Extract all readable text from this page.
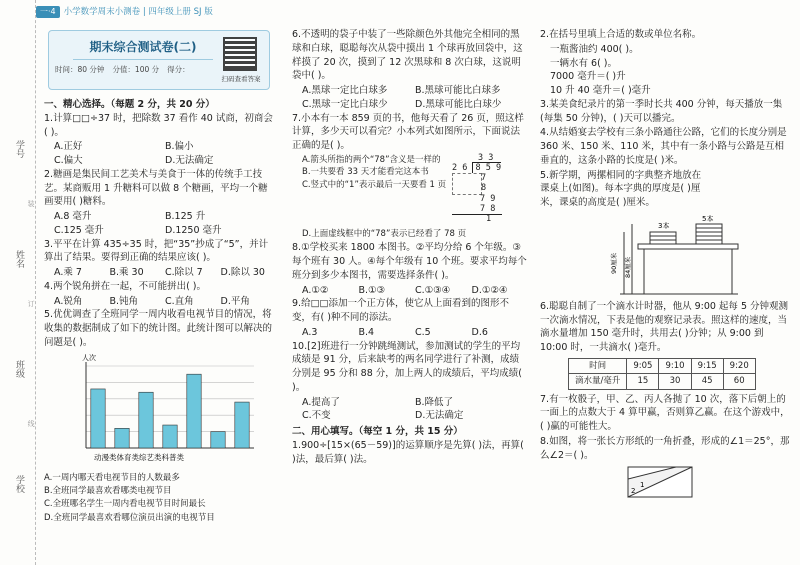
学号
姓名
班级
学校
装
订
线
一·4 小学数学周末小测卷 | 四年级上册 SJ 版
期末综合测试卷(二)
时间：80 分钟 分值：100 分 得分：
扫码查看答案
一、精心选择。（每题 2 分，共 20 分）
1.计算□□÷37 时，把除数 37 看作 40 试商，初商会( )。
A.正好	B.偏小
C.偏大	D.无法确定
2.糖画是集民间工艺美术与美食于一体的传统手工技艺。某商贩用 1 升糖料可以做 8 个糖画，平均一个糖画要用( )糖料。
A.8 毫升	B.125 升
C.125 毫升	D.1250 毫升
3.平平在计算 435÷35 时，把“35”抄成了“5”，并计算出了结果。要得到正确的结果应该( )。
A.乘 7	B.乘 30	C.除以 7	D.除以 30
4.两个锐角拼在一起，不可能拼出( )。
A.锐角	B.钝角	C.直角	D.平角
5.优优调查了全班同学一周内收看电视节目的情况，将收集的数据制成了如下的统计图。此统计图可以解决的问题是( )。
人次
动漫类体育类综艺类科普类
A.一周内哪天看电视节目的人数最多
B.全班同学最喜欢看哪类电视节目
C.全班哪名学生一周内看电视节目时间最长
D.全班同学最喜欢看哪位演员出演的电视节目
6.不透明的袋子中装了一些除颜色外其他完全相同的黑球和白球，聪聪每次从袋中摸出 1 个球再放回袋中，这样摸了 20 次，摸到了 12 次黑球和 8 次白球，这说明袋中( )。
A.黑球一定比白球多	B.黑球可能比白球多
C.黑球一定比白球少	D.黑球可能比白球少
7.小本有一本 859 页的书，他每天看了 26 页，照这样计算，多少天可以看完？小本列式如图所示，下面说法正确的是( )。
A.箭头所指的两个“78”含义是一样的
B.一共要看 33 天才能看完这本书
C.竖式中的“1”表示最后一天要看 1 页
3 3
2 6 8 5 9
7 8
7 9
7 8
1
D.上面虚线框中的“78”表示已经看了 78 页
8.①学校买来 1800 本图书。②平均分给 6 个年级。③每个班有 30 人。④每个年级有 10 个班。要求平均每个班分到多少本图书，需要选择条件( )。
A.①②	B.①③	C.①③④	D.①②④
9.给□□添加一个正方体，使它从上面看到的图形不变，有( )种不同的添法。
A.3	B.4	C.5	D.6
10.[2]班进行一分钟跳绳测试，参加测试的学生的平均成绩是 91 分，后来缺考的两名同学进行了补测，成绩分别是 95 分和 88 分，加上两人的成绩后，平均成绩( )。
A.提高了	B.降低了
C.不变	D.无法确定
二、用心填写。（每空 1 分，共 15 分）
1.900÷[15×(65－59)]的运算顺序是先算( )法，再算( )法，最后算( )法。
2.在括号里填上合适的数或单位名称。
一瓶酱油约 400( )。
一辆水有 6( )。
7000 毫升＝( )升
10 升 40 毫升＝( )毫升
3.某美食纪录片的第一季时长共 400 分钟，每天播放一集(每集 50 分钟)，( )天可以播完。
4.从结婚宴去学校有三条小路通往公路，它们的长度分别是 360 米、150 米、110 米，其中有一条小路与公路是互相垂直的，这条小路的长度是( )米。
5.新学期，两摞相同的字典整齐地放在课桌上(如图)。每本字典的厚度是( )厘米，课桌的高度是( )厘米。
3本
5本
90厘米 84厘米
6.聪聪自制了一个滴水计时器，他从 9:00 起每 5 分钟观测一次滴水情况，下表是他的观察记录表。照这样的速度，当滴水量增加 150 毫升时，共用去( )分钟；从 9:00 到 10:00 时，一共滴水( )毫升。
时间	9:05	9:10	9:15	9:20
滴水量/毫升	15	30	45	60
7.有一枚骰子，甲、乙、丙人各抛了 10 次，落下后朝上的一面上的点数大于 4 算甲赢，否则算乙赢。在这个游戏中，( )赢的可能性大。
8.如图，将一张长方形纸的一角折叠，形成的∠1＝25°，那么∠2＝( )。
2
1
